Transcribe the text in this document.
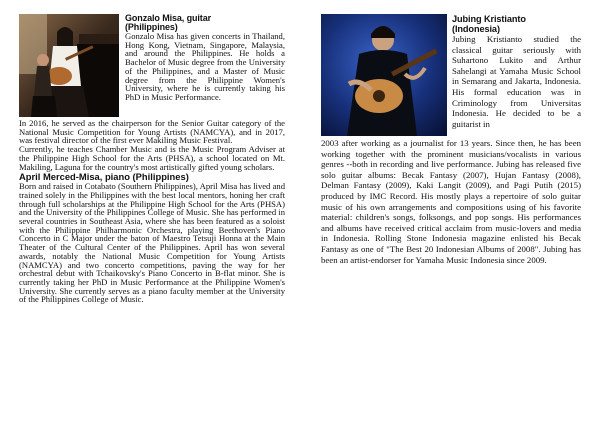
Gonzalo Misa, guitar
(Philippines)

Gonzalo Misa has given concerts in Thailand, Hong Kong, Vietnam, Singapore, Malaysia, and around the Philippines. He holds a Bachelor of Music degree from the University of the Philippines, and a Master of Music degree from the Philippine Women's University, where he is currently taking his PhD in Music Performance.

In 2016, he served as the chairperson for the Senior Guitar category of the National Music Competition for Young Artists (NAMCYA), and in 2017, was festival director of the first ever Makiling Music Festival.

Currently, he teaches Chamber Music and is the Music Program Adviser at the Philippine High School for the Arts (PHSA), a school located on Mt. Makiling, Laguna for the country's most artistically gifted young scholars.

April Merced-Misa, piano (Philippines)

Born and raised in Cotabato (Southern Philippines), April Misa has lived and trained solely in the Philippines with the best local mentors, honing her craft through full scholarships at the Philippine High School for the Arts (PHSA) and the University of the Philippines College of Music. She has performed in several countries in Southeast Asia, where she has been featured as a soloist with the Philippine Philharmonic Orchestra, playing Beethoven's Piano Concerto in C Major under the baton of Maestro Tetsuji Honna at the Main Theater of the Cultural Center of the Philippines. April has won several awards, notably the National Music Competition for Young Artists (NAMCYA) and two concerto competitions, paving the way for her orchestral debut with Tchaikovsky's Piano Concerto in B-flat minor. She is currently taking her PhD in Music Performance at the Philippine Women's University. She currently serves as a piano faculty member at the University of the Philippines College of Music.

Jubing Kristianto
(Indonesia)

Jubing Kristianto studied the classical guitar seriously with Suhartono Lukito and Arthur Sahelangi at Yamaha Music School in Semarang and Jakarta, Indonesia. His formal education was in Criminology from Universitas Indonesia. He decided to be a guitarist in

2003 after working as a journalist for 13 years. Since then, he has been working together with the prominent musicians/vocalists in various genres --both in recording and live performance. Jubing has released five solo guitar albums: Becak Fantasy (2007), Hujan Fantasy (2008), Delman Fantasy (2009), Kaki Langit (2009), and Pagi Putih (2015) produced by IMC Record. His mostly plays a repertoire of solo guitar music of his own arrangements and compositions using of his favorite material: children's songs, folksongs, and pop songs. His performances and albums have received critical acclaim from music-lovers and media in Indonesia. Rolling Stone Indonesia magazine enlisted his Becak Fantasy as one of "The Best 20 Indonesian Albums of 2008". Jubing has been an artist-endorser for Yamaha Music Indonesia since 2009.
